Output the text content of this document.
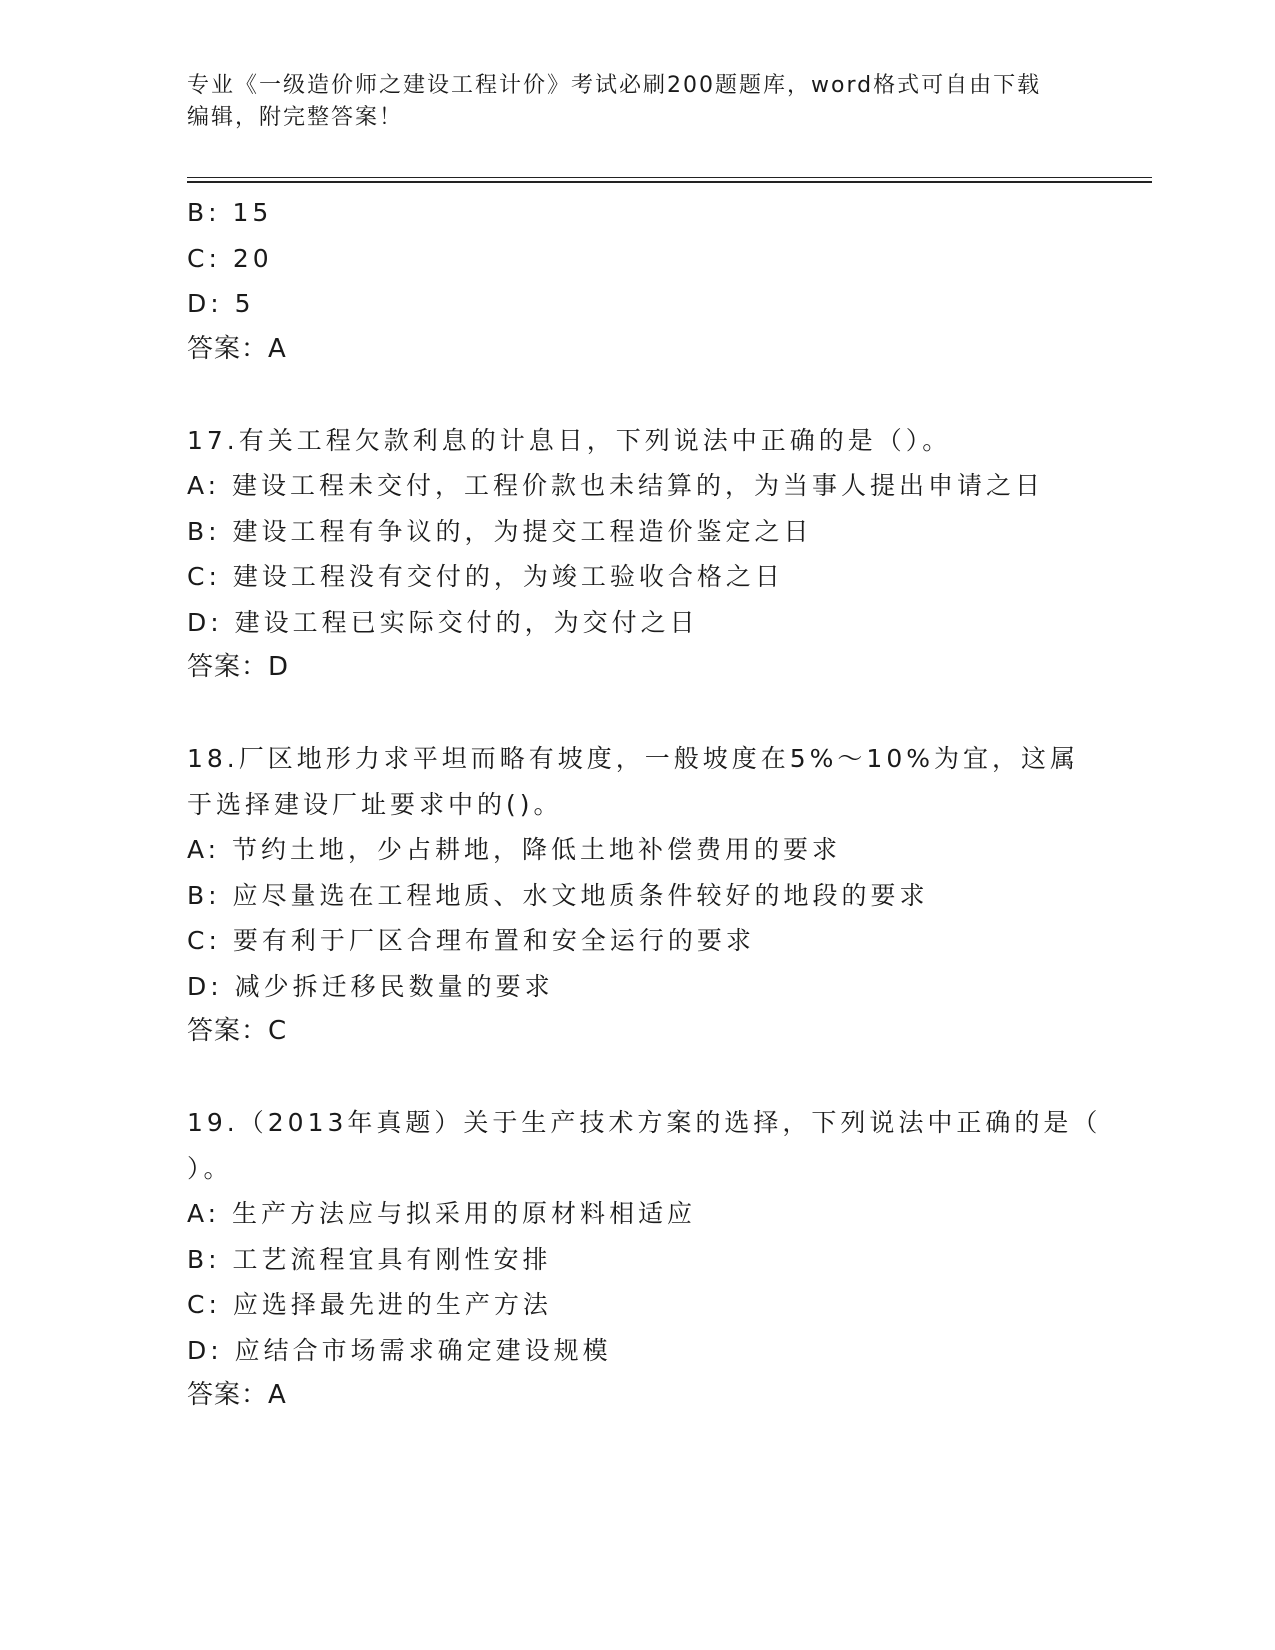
专业《一级造价师之建设工程计价》考试必刷200题题库，word格式可自由下载
编辑，附完整答案！
B: 15
C: 20
D: 5
答案：A
17.有关工程欠款利息的计息日，下列说法中正确的是（）。
A: 建设工程未交付，工程价款也未结算的，为当事人提出申请之日
B: 建设工程有争议的，为提交工程造价鉴定之日
C: 建设工程没有交付的，为竣工验收合格之日
D: 建设工程已实际交付的，为交付之日
答案：D
18.厂区地形力求平坦而略有坡度，一般坡度在5%～10%为宜，这属
于选择建设厂址要求中的()。
A: 节约土地，少占耕地，降低土地补偿费用的要求
B: 应尽量选在工程地质、水文地质条件较好的地段的要求
C: 要有利于厂区合理布置和安全运行的要求
D: 减少拆迁移民数量的要求
答案：C
19.（2013年真题）关于生产技术方案的选择，下列说法中正确的是（
）。
A: 生产方法应与拟采用的原材料相适应
B: 工艺流程宜具有刚性安排
C: 应选择最先进的生产方法
D: 应结合市场需求确定建设规模
答案：A
